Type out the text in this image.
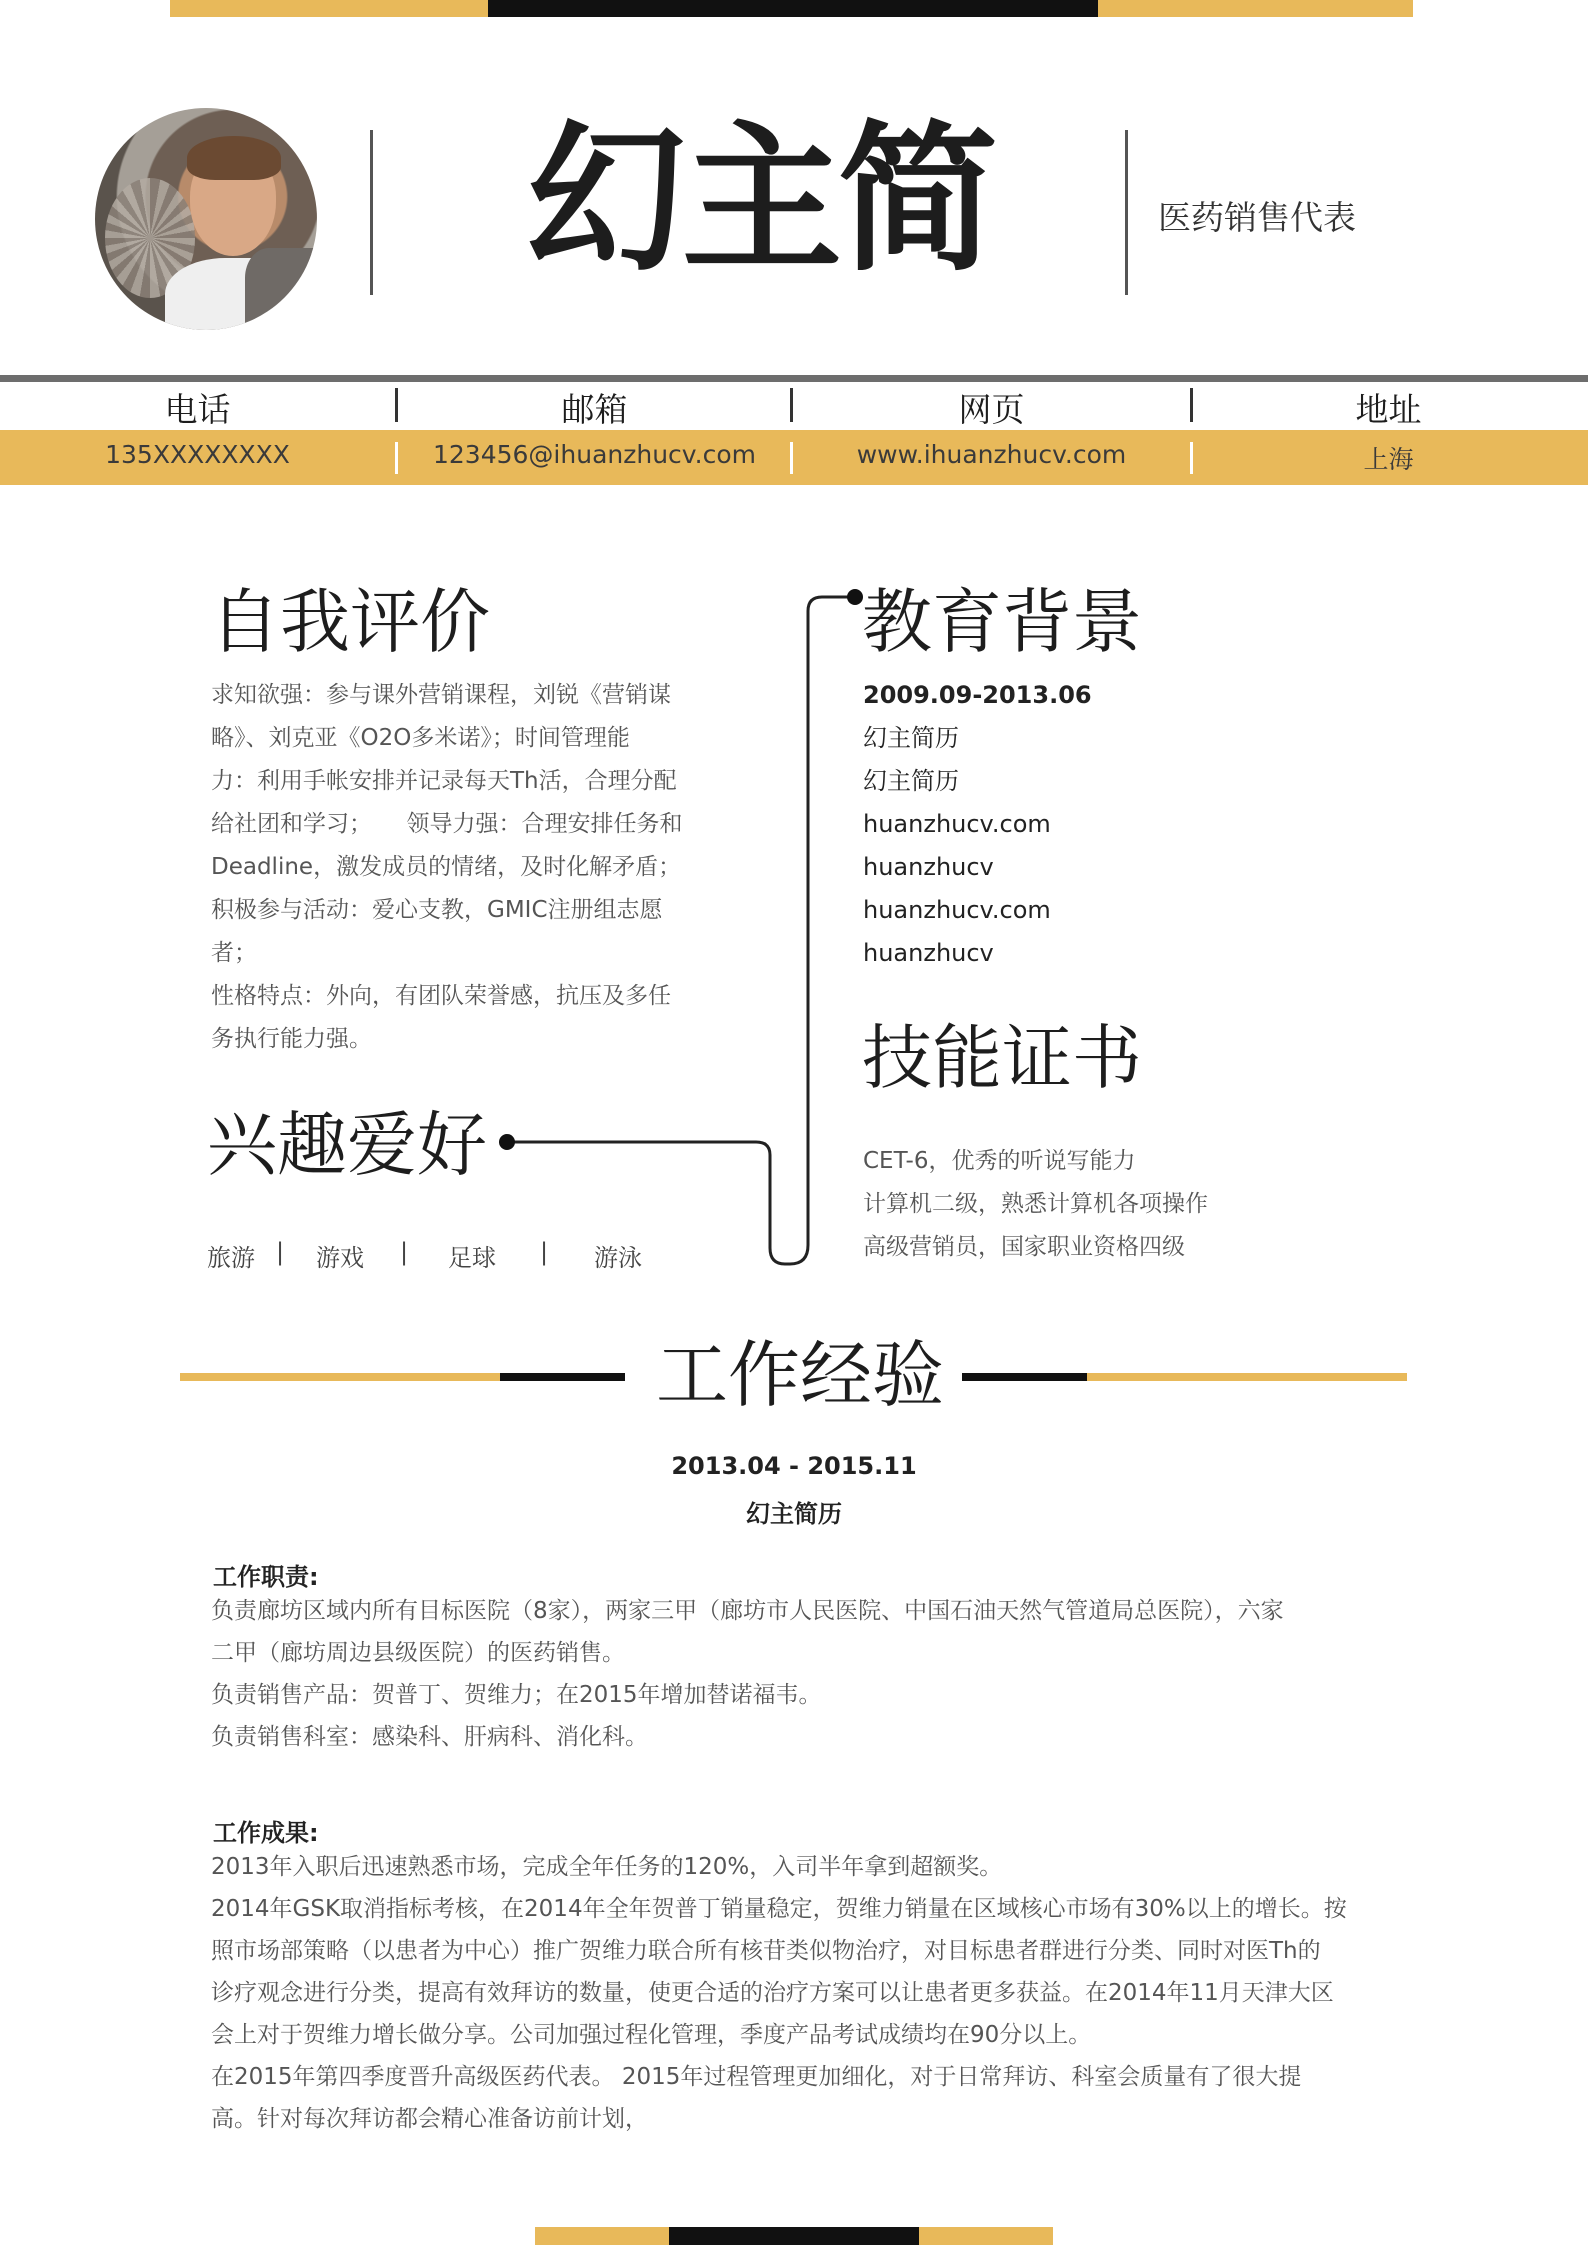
幻主简	医药销售代表
电话	邮箱	网页	地址
135XXXXXXXX	123456@ihuanzhucv.com	www.ihuanzhucv.com	上海
自我评价

求知欲强：参与课外营销课程，刘锐《营销谋

略》、刘克亚《O2O多米诺》；时间管理能

力：利用手帐安排并记录每天Th活，合理分配

给社团和学习；　　领导力强：合理安排任务和

Deadline，激发成员的情绪，及时化解矛盾；

积极参与活动：爱心支教，GMIC注册组志愿

者；

性格特点：外向，有团队荣誉感，抗压及多任

务执行能力强。

兴趣爱好
旅游 | 游戏 | 足球 | 游泳
教育背景

2009.09-2013.06

幻主简历

幻主简历

huanzhucv.com

huanzhucv

huanzhucv.com

huanzhucv

技能证书

CET-6，优秀的听说写能力

计算机二级，熟悉计算机各项操作

高级营销员，国家职业资格四级

工作经验
2013.04 - 2015.11
幻主简历
工作职责:

负责廊坊区域内所有目标医院（8家），两家三甲（廊坊市人民医院、中国石油天然气管道局总医院），六家

二甲（廊坊周边县级医院）的医药销售。

负责销售产品：贺普丁、贺维力；在2015年增加替诺福韦。

负责销售科室：感染科、肝病科、消化科。

工作成果:

2013年入职后迅速熟悉市场，完成全年任务的120%，入司半年拿到超额奖。

2014年GSK取消指标考核，在2014年全年贺普丁销量稳定，贺维力销量在区域核心市场有30%以上的增长。按

照市场部策略（以患者为中心）推广贺维力联合所有核苷类似物治疗，对目标患者群进行分类、同时对医Th的

诊疗观念进行分类，提高有效拜访的数量，使更合适的治疗方案可以让患者更多获益。在2014年11月天津大区

会上对于贺维力增长做分享。公司加强过程化管理，季度产品考试成绩均在90分以上。

在2015年第四季度晋升高级医药代表。 2015年过程管理更加细化，对于日常拜访、科室会质量有了很大提

高。针对每次拜访都会精心准备访前计划，
